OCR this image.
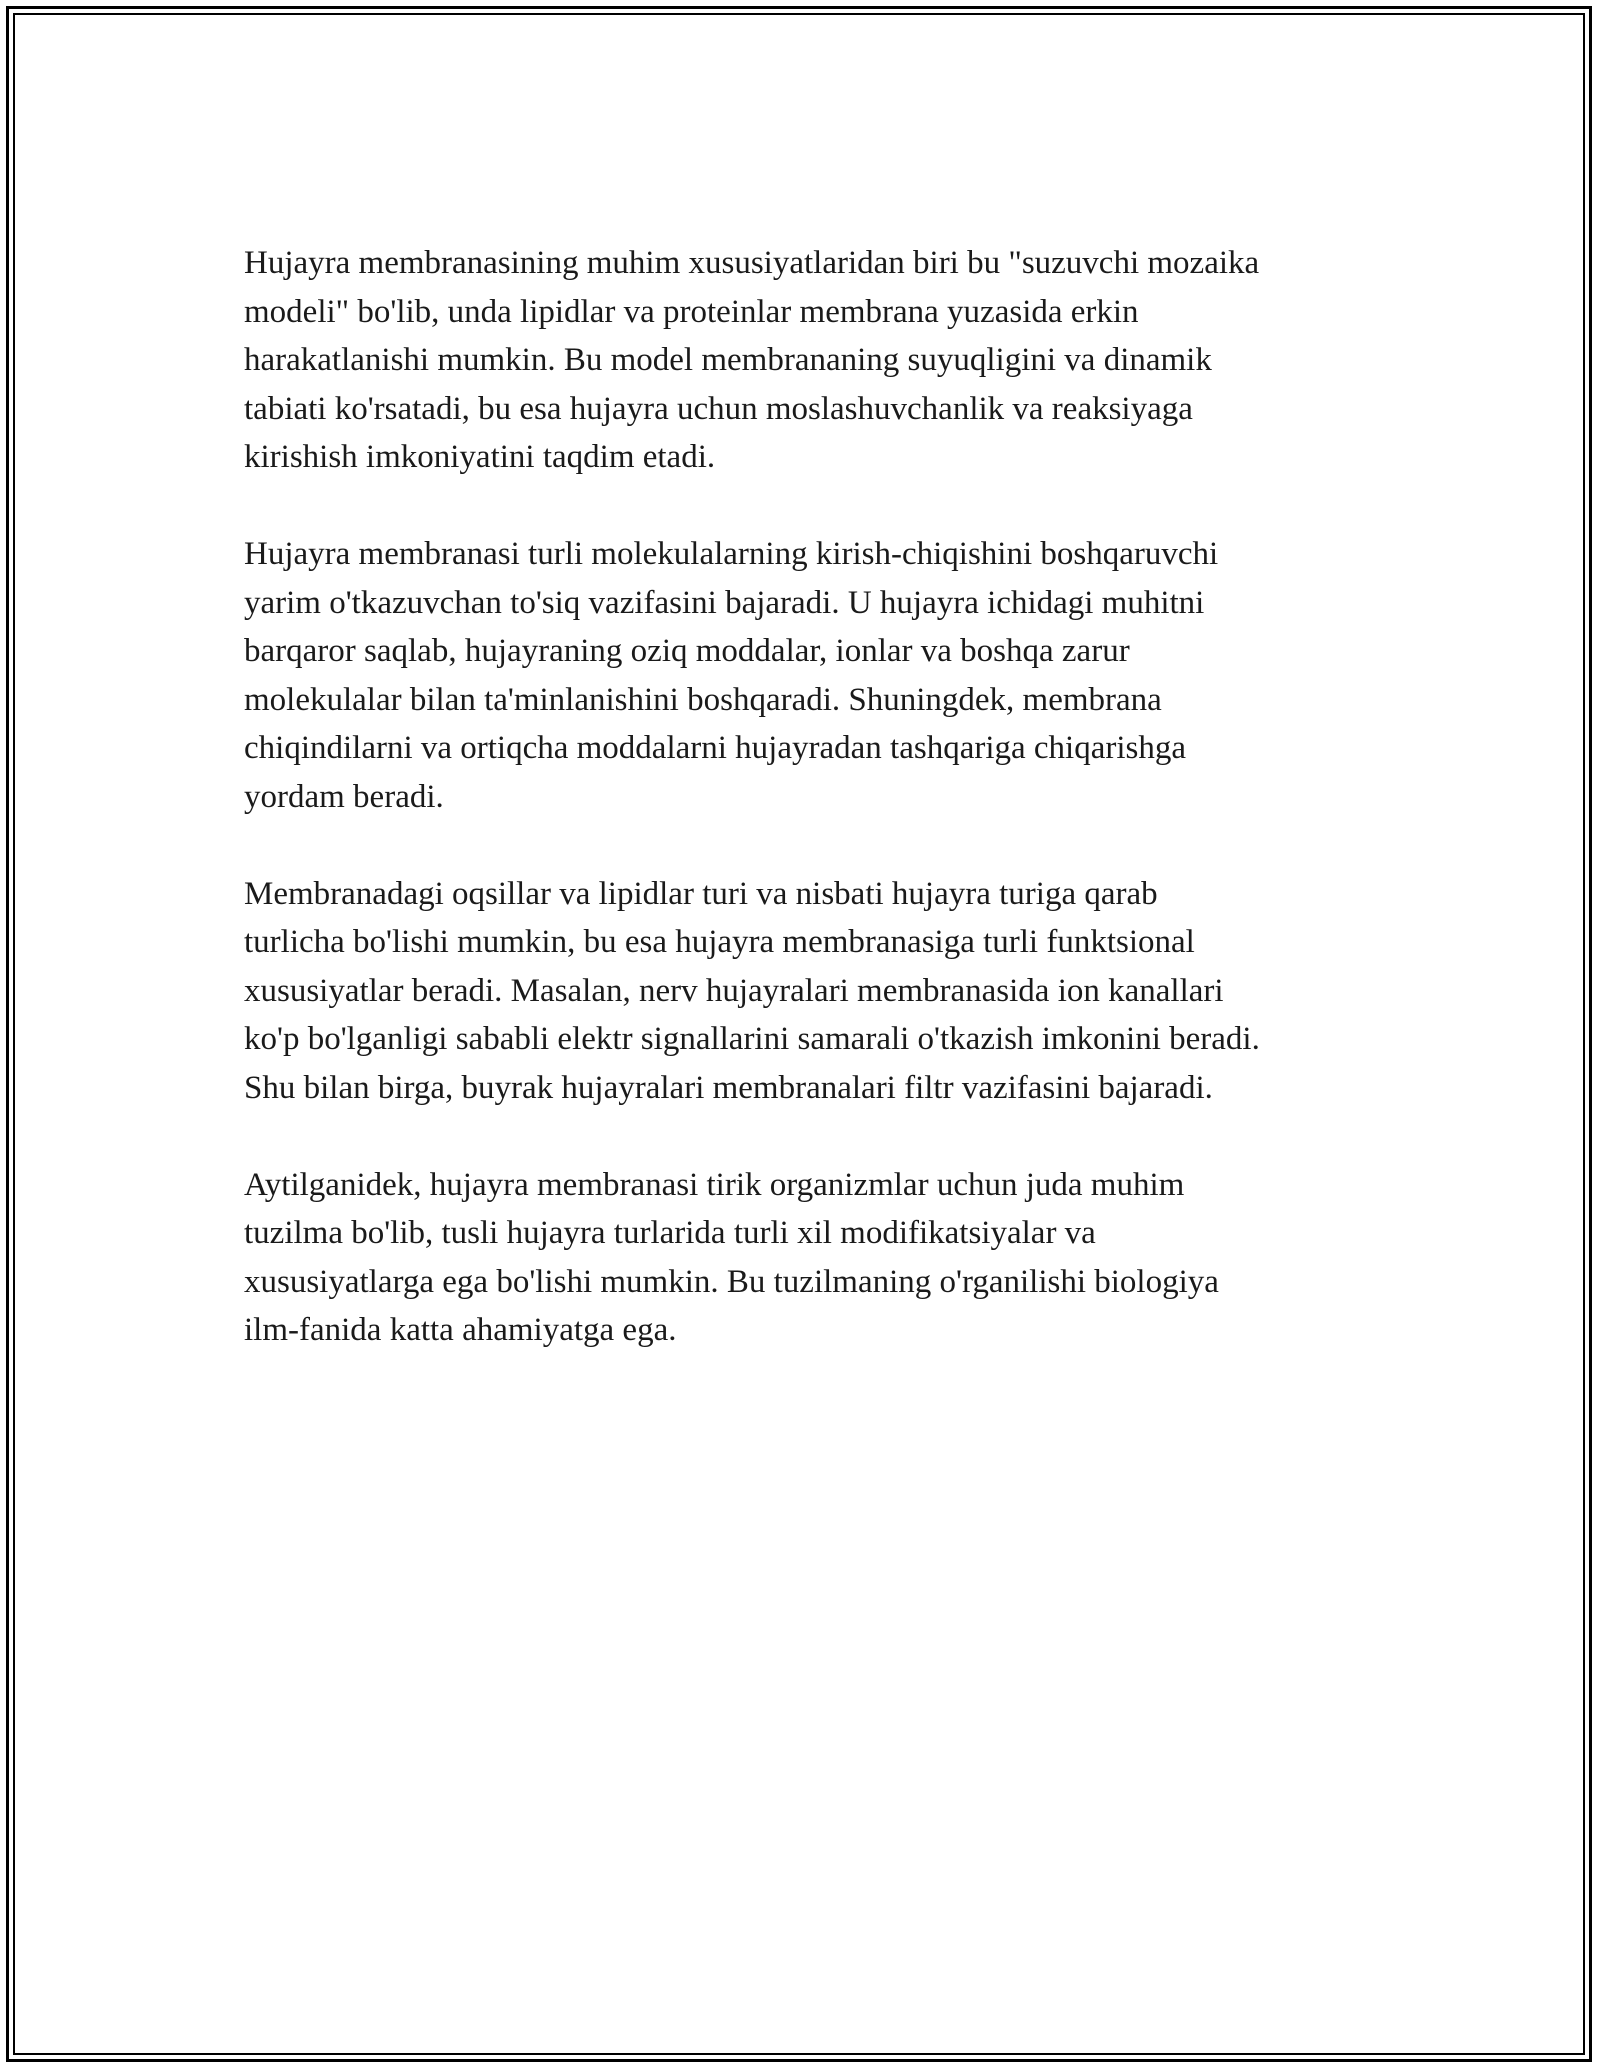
Hujayra membranasining muhim xususiyatlaridan biri bu "suzuvchi mozaika
modeli" bo'lib, unda lipidlar va proteinlar membrana yuzasida erkin
harakatlanishi mumkin. Bu model membrananing suyuqligini va dinamik
tabiati ko'rsatadi, bu esa hujayra uchun moslashuvchanlik va reaksiyaga
kirishish imkoniyatini taqdim etadi.

Hujayra membranasi turli molekulalarning kirish-chiqishini boshqaruvchi
yarim o'tkazuvchan to'siq vazifasini bajaradi. U hujayra ichidagi muhitni
barqaror saqlab, hujayraning oziq moddalar, ionlar va boshqa zarur
molekulalar bilan ta'minlanishini boshqaradi. Shuningdek, membrana
chiqindilarni va ortiqcha moddalarni hujayradan tashqariga chiqarishga
yordam beradi.

Membranadagi oqsillar va lipidlar turi va nisbati hujayra turiga qarab
turlicha bo'lishi mumkin, bu esa hujayra membranasiga turli funktsional
xususiyatlar beradi. Masalan, nerv hujayralari membranasida ion kanallari
ko'p bo'lganligi sababli elektr signallarini samarali o'tkazish imkonini beradi.
Shu bilan birga, buyrak hujayralari membranalari filtr vazifasini bajaradi.

Aytilganidek, hujayra membranasi tirik organizmlar uchun juda muhim
tuzilma bo'lib, tusli hujayra turlarida turli xil modifikatsiyalar va
xususiyatlarga ega bo'lishi mumkin. Bu tuzilmaning o'rganilishi biologiya
ilm-fanida katta ahamiyatga ega.
